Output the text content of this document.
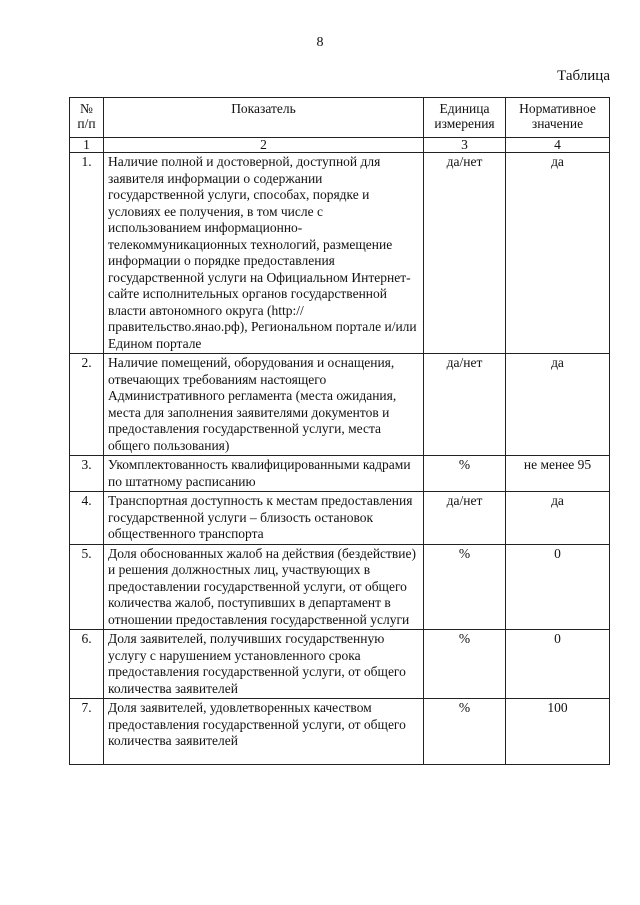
8
Таблица
№ п/п	Показатель	Единица измерения	Нормативное значение
1	2	3	4
1.	Наличие полной и достоверной, доступной для заявителя информации о содержании государственной услуги, способах, порядке и условиях ее получения, в том числе с использованием информационно-телекоммуникационных технологий, размещение информации о порядке предоставления государственной услуги на Официальном Интернет-сайте исполнительных органов государственной власти автономного округа (http://правительство.янао.рф), Региональном портале и/или Едином портале	да/нет	да
2.	Наличие помещений, оборудования и оснащения, отвечающих требованиям настоящего Административного регламента (места ожидания, места для заполнения заявителями документов и предоставления государственной услуги, места общего пользования)	да/нет	да
3.	Укомплектованность квалифицированными кадрами по штатному расписанию	%	не менее 95
4.	Транспортная доступность к местам предоставления государственной услуги – близость остановок общественного транспорта	да/нет	да
5.	Доля обоснованных жалоб на действия (бездействие) и решения должностных лиц, участвующих в предоставлении государственной услуги, от общего количества жалоб, поступивших в департамент в отношении предоставления государственной услуги	%	0
6.	Доля заявителей, получивших государственную услугу с нарушением установленного срока предоставления государственной услуги, от общего количества заявителей	%	0
7.	Доля заявителей, удовлетворенных качеством предоставления государственной услуги, от общего количества заявителей	%	100
